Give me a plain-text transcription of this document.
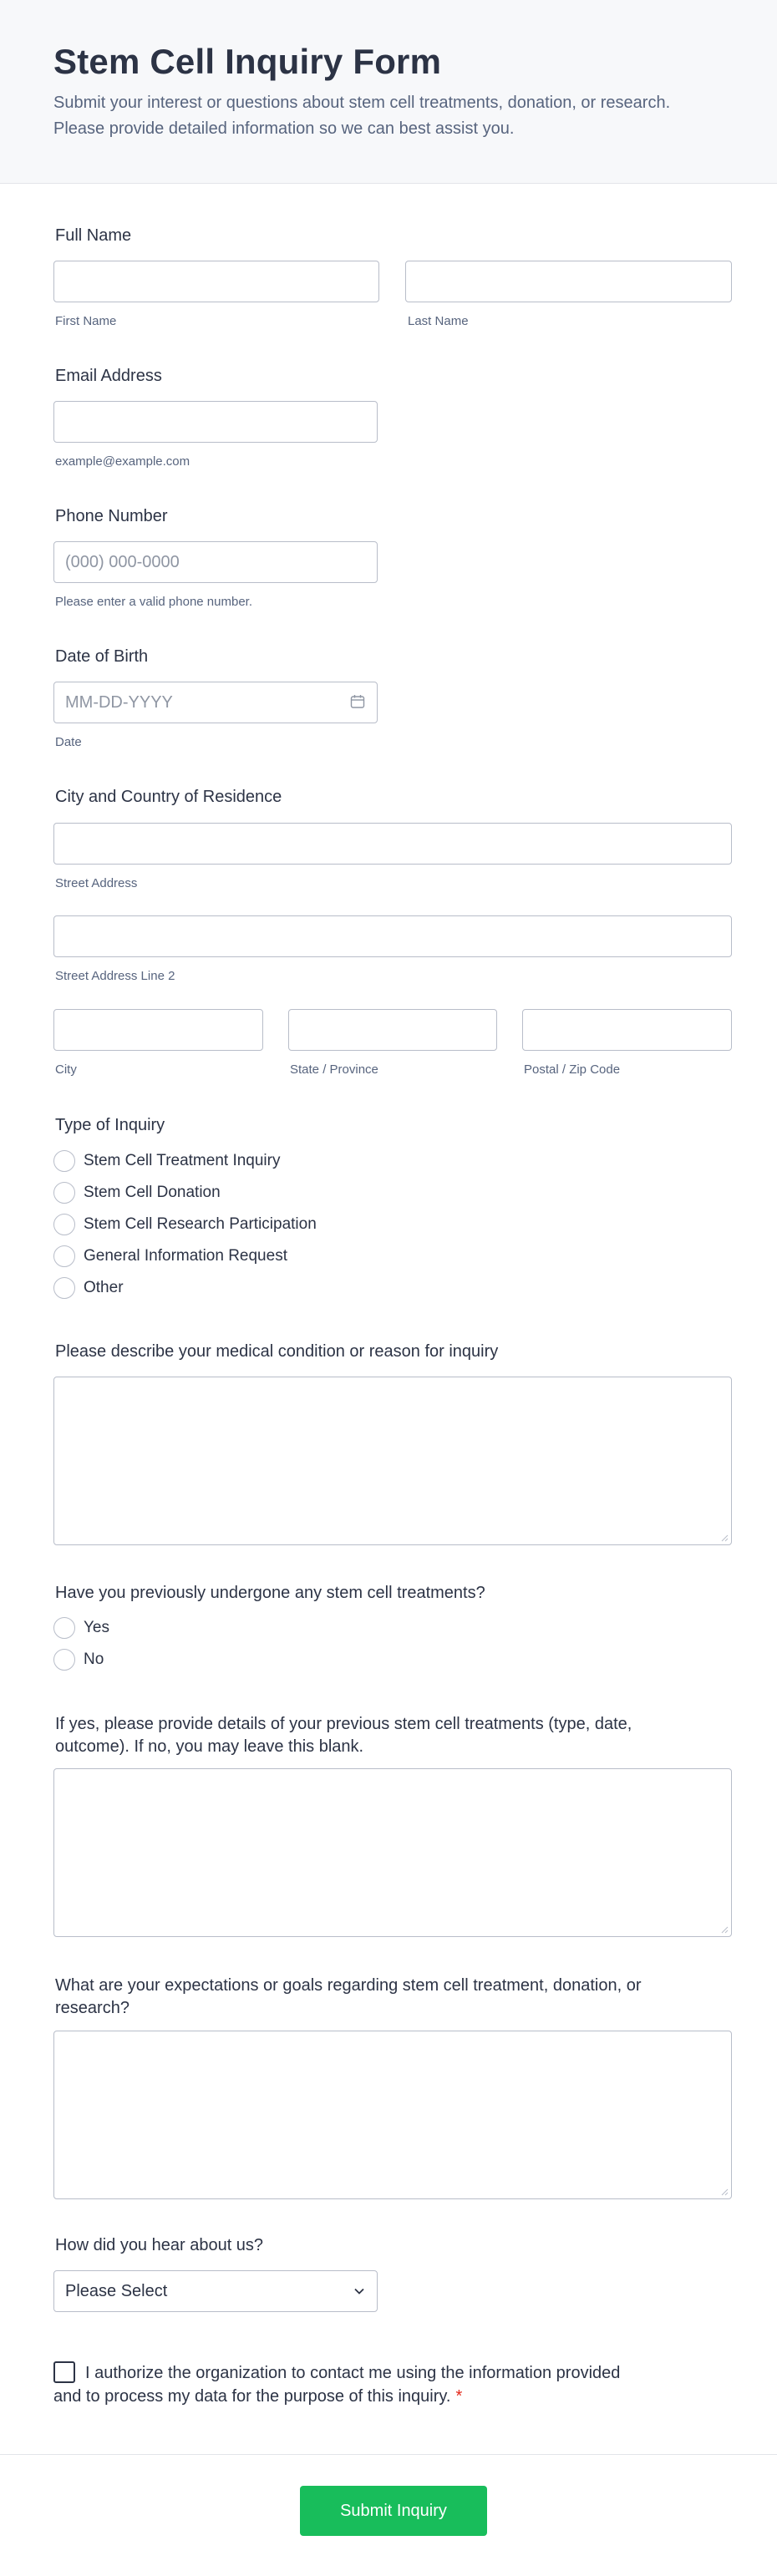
Stem Cell Inquiry Form

Submit your interest or questions about stem cell treatments, donation, or research.
Please provide detailed information so we can best assist you.

Full Name
First Name	Last Name
Email Address
example@example.com
Phone Number
(000) 000-0000
Please enter a valid phone number.
Date of Birth
MM-DD-YYYY
Date
City and Country of Residence
Street Address
Street Address Line 2
City	State / Province	Postal / Zip Code
Type of Inquiry
Stem Cell Treatment Inquiry
Stem Cell Donation
Stem Cell Research Participation
General Information Request
Other
Please describe your medical condition or reason for inquiry
Have you previously undergone any stem cell treatments?
Yes
No
If yes, please provide details of your previous stem cell treatments (type, date,
outcome). If no, you may leave this blank.
What are your expectations or goals regarding stem cell treatment, donation, or
research?
How did you hear about us?
Please Select
I authorize the organization to contact me using the information provided and to process my data for the purpose of this inquiry. *
Submit Inquiry
